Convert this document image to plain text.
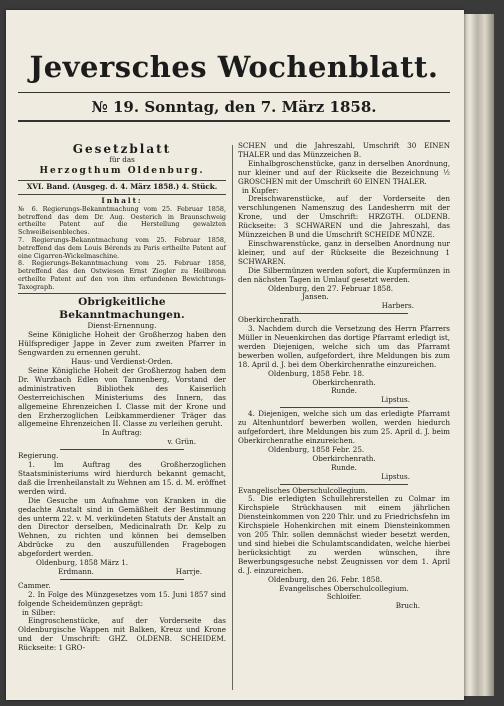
Jeversches Wochenblatt.
№ 19. Sonntag, den 7. März 1858.

Gesetzblatt

für das

Herzogthum Oldenburg.

XVI. Band. (Ausgeg. d. 4. März 1858.) 4. Stück.

Inhalt:

№ 6. Regierungs-Bekanntmachung vom 25. Februar 1858, betreffend das dem Dr. Aug. Oesterich in Braunschweig ertheilte Patent auf die Herstellung gewalzten Schweißeisenbleches.

7. Regierungs-Bekanntmachung vom 25. Februar 1858, betreffend das dem Louis Bérends zu Paris ertheilte Patent auf eine Cigarren-Wickelmaschine.

8. Regierungs-Bekanntmachung vom 25. Februar 1858, betreffend das den Ostwiesen Ernst Ziegler zu Heilbronn ertheilte Patent auf den von ihm erfundenen Bewichtungs-Taxograph.

Obrigkeitliche Bekanntmachungen.

Dienst-Ernennung.

Seine Königliche Hoheit der Großherzog haben den Hülfsprediger Jappe in Zever zum zweiten Pfarrer in Sengwarden zu ernennen geruht.

Haus- und Verdienst-Orden.

Seine Königliche Hoheit der Großherzog haben dem Dr. Wurzbach Edlen von Tannenberg, Vorstand der administrativen Bibliothek des Kaiserlich Oesterreichischen Ministeriums des Innern, das allgemeine Ehrenzeichen I. Classe mit der Krone und den Erzherzoglichen Leibkammerdiener Träger das allgemeine Ehrenzeichen II. Classe zu verleihen geruht.

In Auftrag:

v. Grün.

Regierung.

1. Im Auftrag des Großherzoglichen Staatsministeriums wird hierdurch bekannt gemacht, daß die Irrenheilanstalt zu Wehnen am 15. d. M. eröffnet werden wird.

Die Gesuche um Aufnahme von Kranken in die gedachte Anstalt sind in Gemäßheit der Bestimmung des unterm 22. v. M. verkündeten Statuts der Anstalt an den Director derselben, Medicinalrath Dr. Kelp zu Wehnen, zu richten und können bei demselben Abdrücke zu den auszufüllenden Fragebogen abgefordert werden.

Oldenburg, 1858 März 1.

Erdmann.	Harrje.

Cammer.

2. In Folge des Münzgesetzes vom 15. Juni 1857 sind folgende Scheidemünzen geprägt:

in Silber:

Eingroschenstücke, auf der Vorderseite das Oldenburgische Wappen mit Balken, Kreuz und Krone und der Umschrift: GHZ. OLDENB. SCHEIDEM. Rückseite: 1 GRO-

SCHEN und die Jahreszahl, Umschrift 30 EINEN THALER und das Münzzeichen B.

Einhalbgroschenstücke, ganz in derselben Anordnung, nur kleiner und auf der Rückseite die Bezeichnung ½ GROSCHEN mit der Umschrift 60 EINEN THALER.

in Kupfer:

Dreischwarenstücke, auf der Vorderseite den verschlungenen Namenszug des Landesherrn mit der Krone, und der Umschrift: HRZGTH. OLDENB. Rückseite: 3 SCHWAREN und die Jahreszahl, das Münzzeichen B und die Umschrift SCHEIDE MÜNZE.

Einschwarenstücke, ganz in derselben Anordnung nur kleiner, und auf der Rückseite die Bezeichnung 1 SCHWAREN.

Die Silbermünzen werden sofort, die Kupfermünzen in den nächsten Tagen in Umlauf gesetzt werden.

Oldenburg, den 27. Februar 1858.

Jansen.

Harbers.

Oberkirchenrath.

3. Nachdem durch die Versetzung des Herrn Pfarrers Müller in Neuenkirchen das dortige Pfarramt erledigt ist, werden Diejenigen, welche sich um das Pfarramt bewerben wollen, aufgefordert, ihre Meldungen bis zum 18. April d. J. bei dem Oberkirchenrathe einzureichen.

Oldenburg, 1858 Febr. 18.

Oberkirchenrath.

Runde.

Lipstus.

4. Diejenigen, welche sich um das erledigte Pfarramt zu Altenhuntdorf bewerben wollen, werden hiedurch aufgefordert, ihre Meldungen bis zum 25. April d. J. beim Oberkirchenrathe einzureichen.

Oldenburg, 1858 Febr. 25.

Oberkirchenrath.

Runde.

Lipstus.

Evangelisches Oberschulcollegium.

5. Die erledigten Schullehrerstellen zu Colmar im Kirchspiele Strückhausen mit einem jährlichen Diensteinkommen von 220 Thlr. und zu Friedrichsfehn im Kirchspiele Hohenkirchen mit einem Diensteinkommen von 205 Thlr. sollen demnächst wieder besetzt werden, und sind hiebei die Schulamtscandidaten, welche hierbei berücksichtigt zu werden wünschen, ihre Bewerbungsgesuche nebst Zeugnissen vor dem 1. April d. J. einzureichen.

Oldenburg, den 26. Febr. 1858.

Evangelisches Oberschulcollegium.

Schloifer.

Bruch.
